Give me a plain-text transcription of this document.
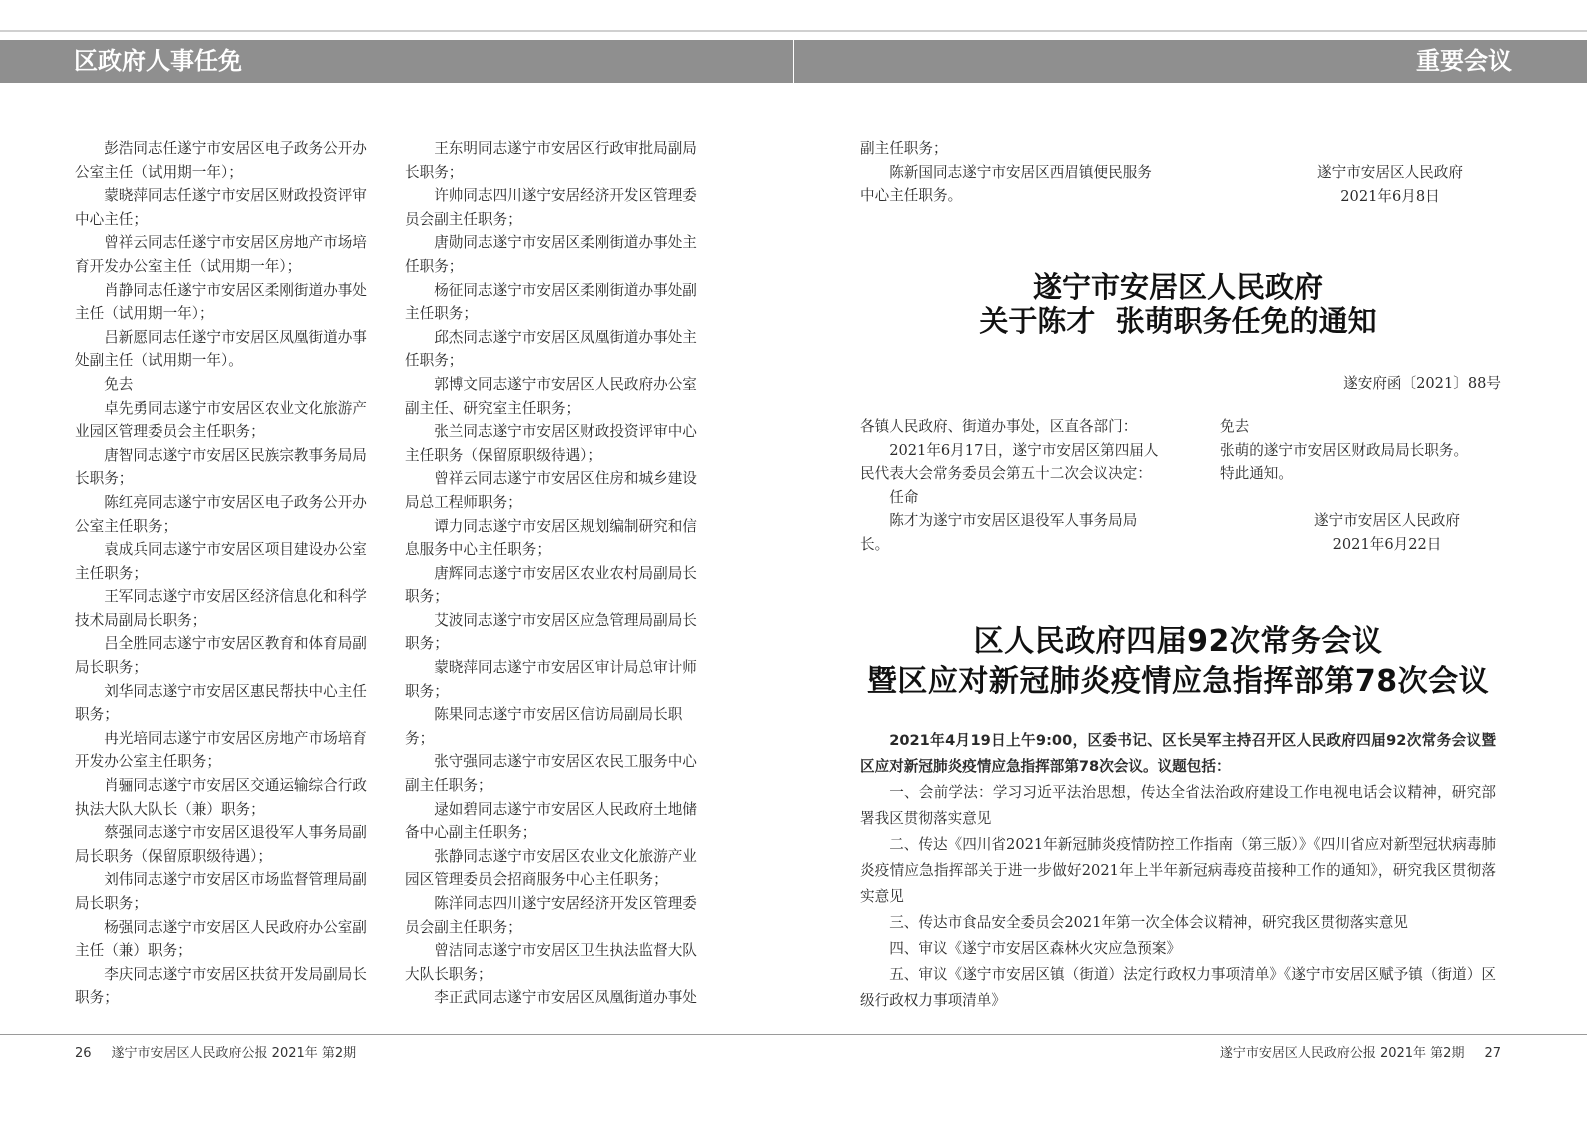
区政府人事任免	重要会议

彭浩同志任遂宁市安居区电子政务公开办公室主任（试用期一年）；

蒙晓萍同志任遂宁市安居区财政投资评审中心主任；

曾祥云同志任遂宁市安居区房地产市场培育开发办公室主任（试用期一年）；

肖静同志任遂宁市安居区柔刚街道办事处主任（试用期一年）；

吕新愿同志任遂宁市安居区凤凰街道办事处副主任（试用期一年）。

免去

卓先勇同志遂宁市安居区农业文化旅游产业园区管理委员会主任职务；

唐智同志遂宁市安居区民族宗教事务局局长职务；

陈红亮同志遂宁市安居区电子政务公开办公室主任职务；

袁成兵同志遂宁市安居区项目建设办公室主任职务；

王军同志遂宁市安居区经济信息化和科学技术局副局长职务；

吕全胜同志遂宁市安居区教育和体育局副局长职务；

刘华同志遂宁市安居区惠民帮扶中心主任职务；

冉光培同志遂宁市安居区房地产市场培育开发办公室主任职务；

肖骊同志遂宁市安居区交通运输综合行政执法大队大队长（兼）职务；

蔡强同志遂宁市安居区退役军人事务局副局长职务（保留原职级待遇）；

刘伟同志遂宁市安居区市场监督管理局副局长职务；

杨强同志遂宁市安居区人民政府办公室副主任（兼）职务；

李庆同志遂宁市安居区扶贫开发局副局长职务；

王东明同志遂宁市安居区行政审批局副局长职务；

许帅同志四川遂宁安居经济开发区管理委员会副主任职务；

唐勋同志遂宁市安居区柔刚街道办事处主任职务；

杨征同志遂宁市安居区柔刚街道办事处副主任职务；

邱杰同志遂宁市安居区凤凰街道办事处主任职务；

郭博文同志遂宁市安居区人民政府办公室副主任、研究室主任职务；

张兰同志遂宁市安居区财政投资评审中心主任职务（保留原职级待遇）；

曾祥云同志遂宁市安居区住房和城乡建设局总工程师职务；

谭力同志遂宁市安居区规划编制研究和信息服务中心主任职务；

唐辉同志遂宁市安居区农业农村局副局长职务；

艾波同志遂宁市安居区应急管理局副局长职务；

蒙晓萍同志遂宁市安居区审计局总审计师职务；

陈果同志遂宁市安居区信访局副局长职务；

张守强同志遂宁市安居区农民工服务中心副主任职务；

逯如碧同志遂宁市安居区人民政府土地储备中心副主任职务；

张静同志遂宁市安居区农业文化旅游产业园区管理委员会招商服务中心主任职务；

陈洋同志四川遂宁安居经济开发区管理委员会副主任职务；

曾洁同志遂宁市安居区卫生执法监督大队大队长职务；

李正武同志遂宁市安居区凤凰街道办事处

副主任职务；

陈新国同志遂宁市安居区西眉镇便民服务中心主任职务。

遂宁市安居区人民政府
2021年6月8日
遂宁市安居区人民政府
关于陈才  张萌职务任免的通知
遂安府函〔2021〕88号

各镇人民政府、街道办事处，区直各部门：

2021年6月17日，遂宁市安居区第四届人民代表大会常务委员会第五十二次会议决定：

任命

陈才为遂宁市安居区退役军人事务局局长。

免去

张萌的遂宁市安居区财政局局长职务。

特此通知。

遂宁市安居区人民政府
2021年6月22日
区人民政府四届92次常务会议
暨区应对新冠肺炎疫情应急指挥部第78次会议

2021年4月19日上午9:00，区委书记、区长吴军主持召开区人民政府四届92次常务会议暨区应对新冠肺炎疫情应急指挥部第78次会议。议题包括：

一、会前学法：学习习近平法治思想，传达全省法治政府建设工作电视电话会议精神，研究部署我区贯彻落实意见

二、传达《四川省2021年新冠肺炎疫情防控工作指南（第三版）》《四川省应对新型冠状病毒肺炎疫情应急指挥部关于进一步做好2021年上半年新冠病毒疫苗接种工作的通知》，研究我区贯彻落实意见

三、传达市食品安全委员会2021年第一次全体会议精神，研究我区贯彻落实意见

四、审议《遂宁市安居区森林火灾应急预案》

五、审议《遂宁市安居区镇（街道）法定行政权力事项清单》《遂宁市安居区赋予镇（街道）区级行政权力事项清单》

26 遂宁市安居区人民政府公报 2021年 第2期	遂宁市安居区人民政府公报 2021年 第2期 27
